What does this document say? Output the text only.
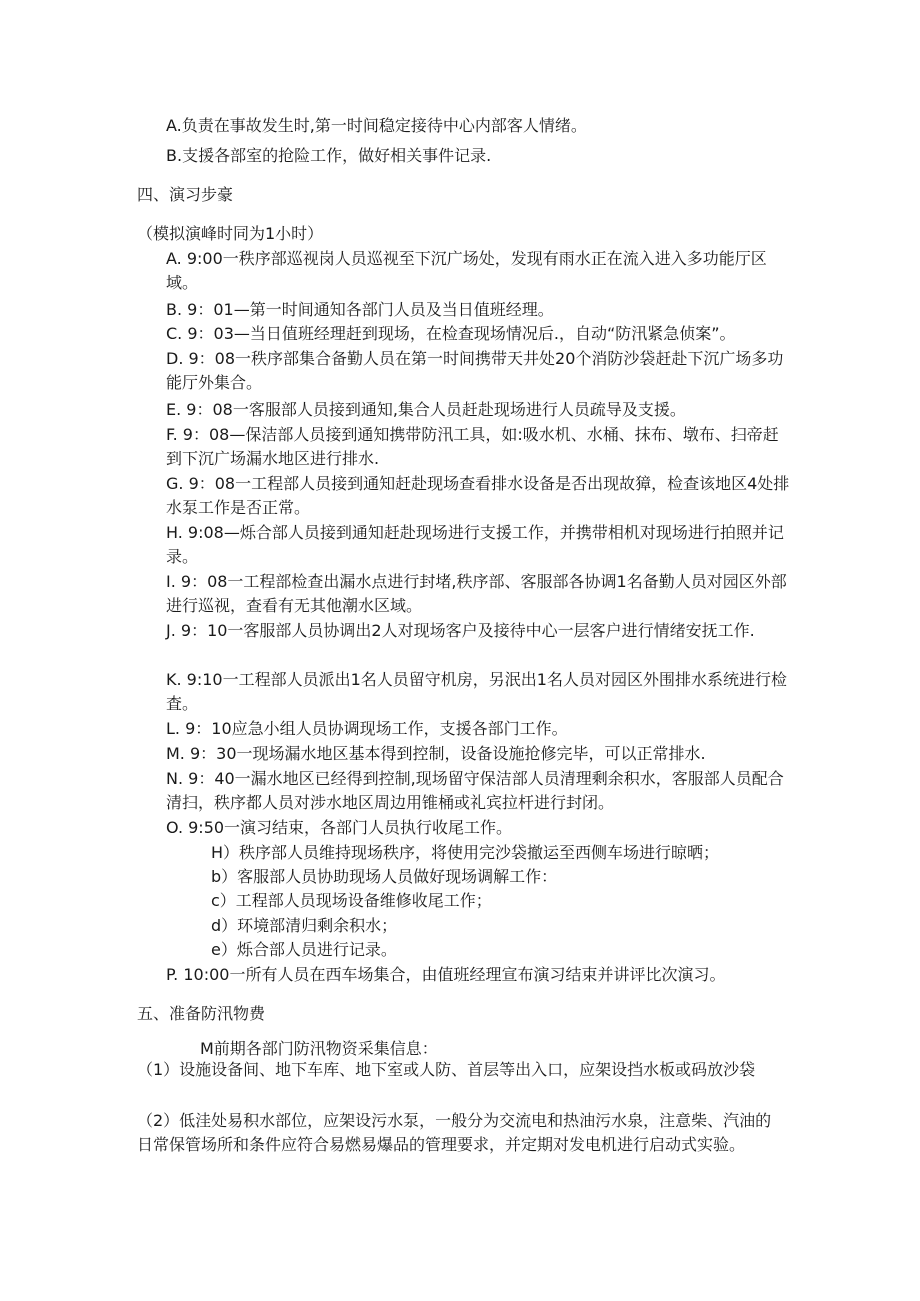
A.负责在事故发生时,第一时间稳定接待中心内部客人情绪。
B.支援各部室的抢险工作，做好相关事件记录.
四、演习步豪
（模拟演峰时同为1小时）
A. 9:00一秩序部巡视岗人员巡视至下沉广场处，发现有雨水正在流入进入多功能厅区域。
B. 9：01—第一时间通知各部门人员及当日值班经理。
C. 9：03—当日值班经理赶到现场，在检查现场情况后.，自动“防汛紧急侦案”。
D. 9：08一秩序部集合备勤人员在第一时间携带天井处20个消防沙袋赶赴下沉广场多功能厅外集合。
E. 9：08一客服部人员接到通知,集合人员赶赴现场进行人员疏导及支援。
F. 9：08—保洁部人员接到通知携带防汛工具，如:吸水机、水桶、抹布、墩布、扫帝赶到下沉广场漏水地区进行排水.
G. 9：08一工程部人员接到通知赶赴现场查看排水设备是否出现故獐，检查该地区4处排水泵工作是否正常。
H. 9:08—烁合部人员接到通知赶赴现场进行支援工作，并携带相机对现场进行拍照并记录。
I. 9：08一工程部检查出漏水点进行封堵,秩序部、客服部各协调1名备勤人员对园区外部进行巡视，查看有无其他潮水区域。
J. 9：10一客服部人员协调出2人对现场客户及接待中心一层客户进行情绪安抚工作.
K. 9:10一工程部人员派出1名人员留守机房，另泯出1名人员对园区外围排水系统进行检査。
L. 9：10应急小组人员协调现场工作，支援各部门工作。
M. 9：30一现场漏水地区基本得到控制，设备设施抢修完毕，可以正常排水.
N. 9：40一漏水地区已经得到控制,现场留守保洁部人员清理剩余积水，客服部人员配合清扫，秩序都人员对涉水地区周边用锥桶或礼宾拉杆进行封闭。
O. 9:50一演习结束，各部门人员执行收尾工作。
H）秩序部人员维持现场秩序，将使用完沙袋撤运至西侧车场进行晾晒；
b）客服部人员协助现场人员做好现场调解工作：
c）工程部人员现场设备维修收尾工作；
d）环境部清归剩余积水；
e）烁合部人员进行记录。
P. 10:00一所有人员在西车场集合，由值班经理宣布演习结束并讲评比次演习。
五、准备防汛物费
M前期各部门防汛物资采集信息：
（1）设施设备间、地下车库、地下室或人防、首层等出入口，应架设挡水板或码放沙袋
（2）低洼处易积水部位，应架设污水泵，一般分为交流电和热油污水泉，注意柴、汽油的日常保管场所和条件应符合易燃易爆品的管理要求，并定期对发电机进行启动式实验。
